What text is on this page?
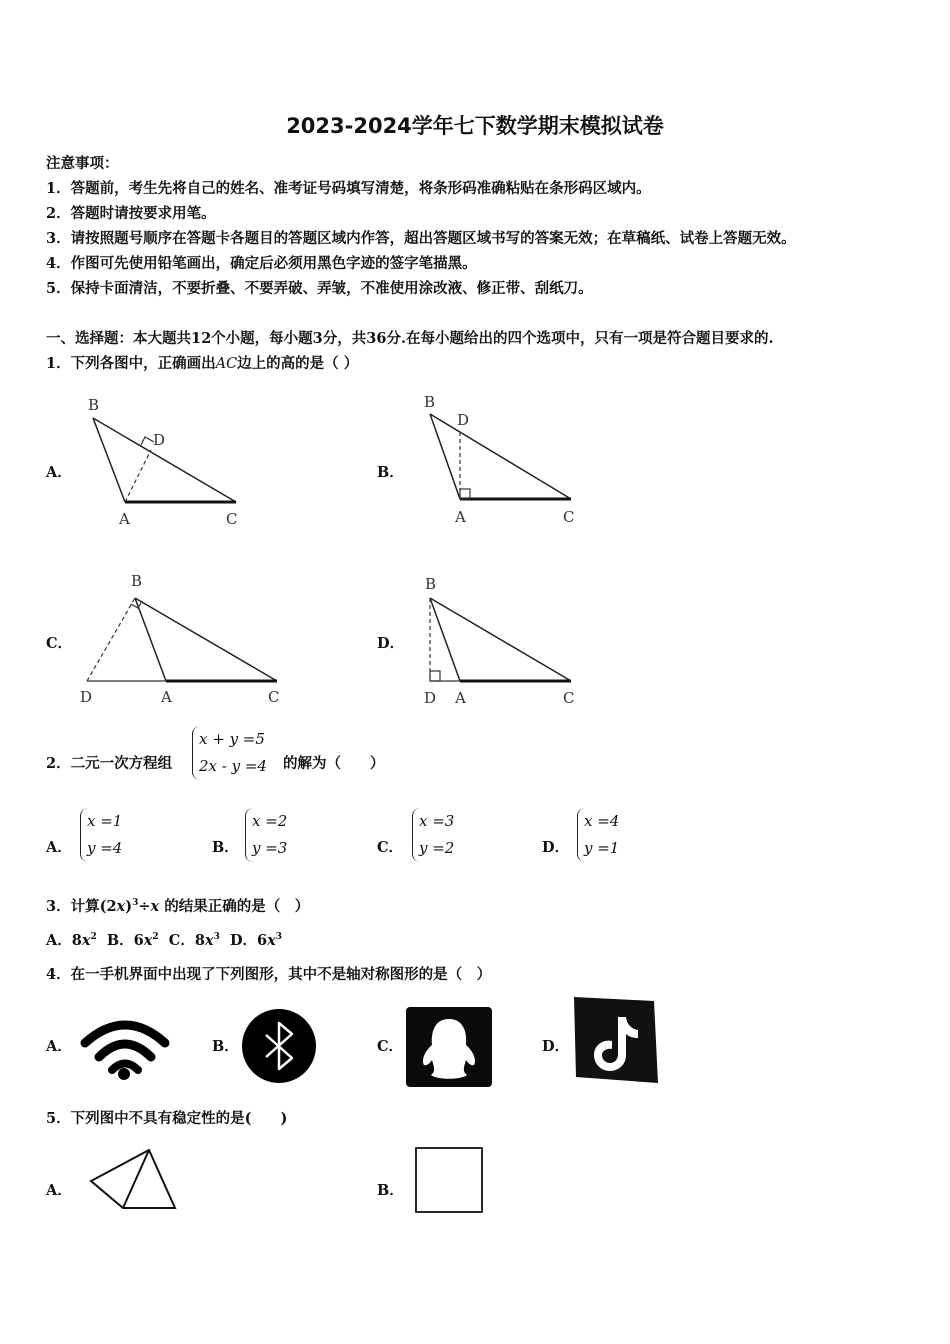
2023-2024学年七下数学期末模拟试卷
注意事项：
1．答题前，考生先将自己的姓名、准考证号码填写清楚，将条形码准确粘贴在条形码区域内。
2．答题时请按要求用笔。
3．请按照题号顺序在答题卡各题目的答题区域内作答，超出答题区域书写的答案无效；在草稿纸、试卷上答题无效。
4．作图可先使用铅笔画出，确定后必须用黑色字迹的签字笔描黑。
5．保持卡面清洁，不要折叠、不要弄破、弄皱，不准使用涂改液、修正带、刮纸刀。
一、选择题：本大题共12个小题，每小题3分，共36分.在每小题给出的四个选项中，只有一项是符合题目要求的.
1．下列各图中，正确画出AC边上的高的是（ ）
A．
B
D
A	C
B．
B
D
A	C
C．
B
D	A	C
D．
B
D A	C
2．二元一次方程组
x + y =5
2x - y =4 的解为（　　）
A．
x =1
y =4	B．
x =2
y =3	C．
x =3
y =2	D．
x =4
y =1
3．计算$(2x)^3\div x$ 的结果正确的是（　）
A．$8x^2$ B．$6x^2$ C．$8x^3$ D．$6x^3$
4．在一手机界面中出现了下列图形，其中不是轴对称图形的是（　）
A．	B．	C．	D．
5．下列图中不具有稳定性的是(　　)
A．	B．
